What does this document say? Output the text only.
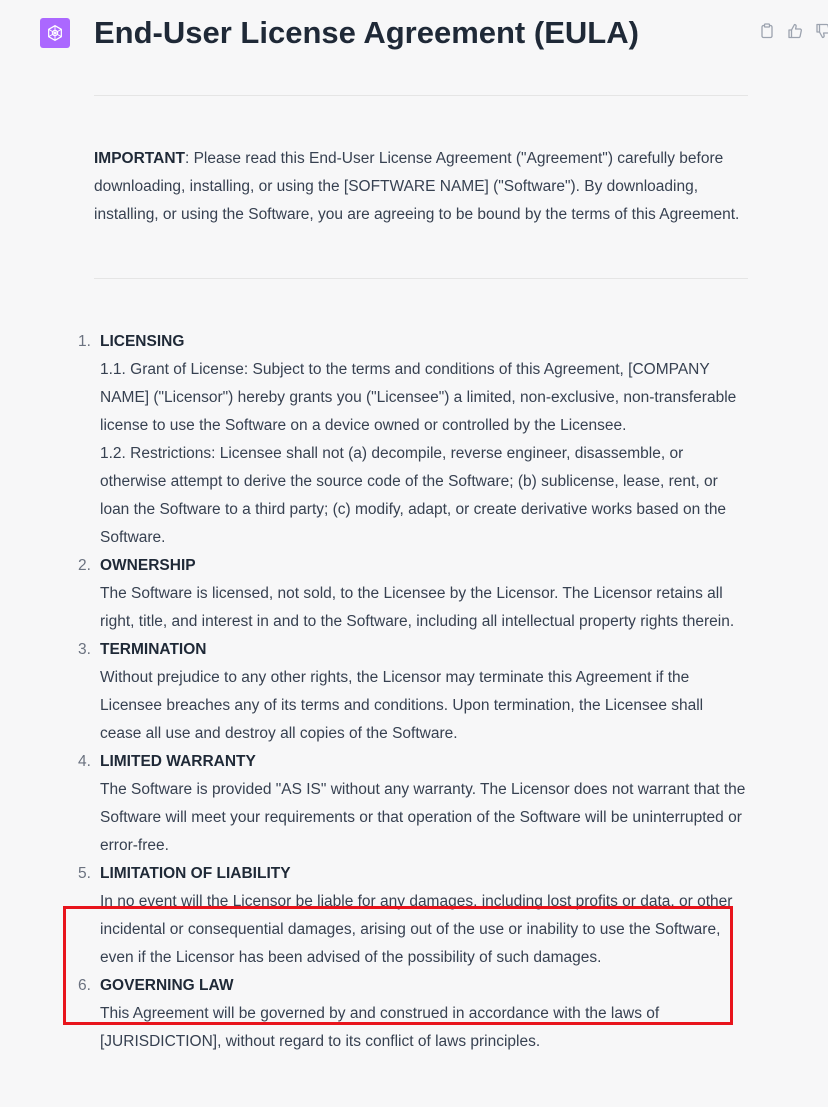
End-User License Agreement (EULA)

IMPORTANT: Please read this End-User License Agreement ("Agreement") carefully before downloading, installing, or using the [SOFTWARE NAME] ("Software"). By downloading, installing, or using the Software, you are agreeing to be bound by the terms of this Agreement.

1. LICENSING
1.1. Grant of License: Subject to the terms and conditions of this Agreement, [COMPANY NAME] ("Licensor") hereby grants you ("Licensee") a limited, non-exclusive, non-transferable license to use the Software on a device owned or controlled by the Licensee.
1.2. Restrictions: Licensee shall not (a) decompile, reverse engineer, disassemble, or otherwise attempt to derive the source code of the Software; (b) sublicense, lease, rent, or loan the Software to a third party; (c) modify, adapt, or create derivative works based on the Software.
2. OWNERSHIP
The Software is licensed, not sold, to the Licensee by the Licensor. The Licensor retains all right, title, and interest in and to the Software, including all intellectual property rights therein.
3. TERMINATION
Without prejudice to any other rights, the Licensor may terminate this Agreement if the Licensee breaches any of its terms and conditions. Upon termination, the Licensee shall cease all use and destroy all copies of the Software.
4. LIMITED WARRANTY
The Software is provided "AS IS" without any warranty. The Licensor does not warrant that the Software will meet your requirements or that operation of the Software will be uninterrupted or error-free.
5. LIMITATION OF LIABILITY
In no event will the Licensor be liable for any damages, including lost profits or data, or other incidental or consequential damages, arising out of the use or inability to use the Software, even if the Licensor has been advised of the possibility of such damages.
6. GOVERNING LAW
This Agreement will be governed by and construed in accordance with the laws of [JURISDICTION], without regard to its conflict of laws principles.
